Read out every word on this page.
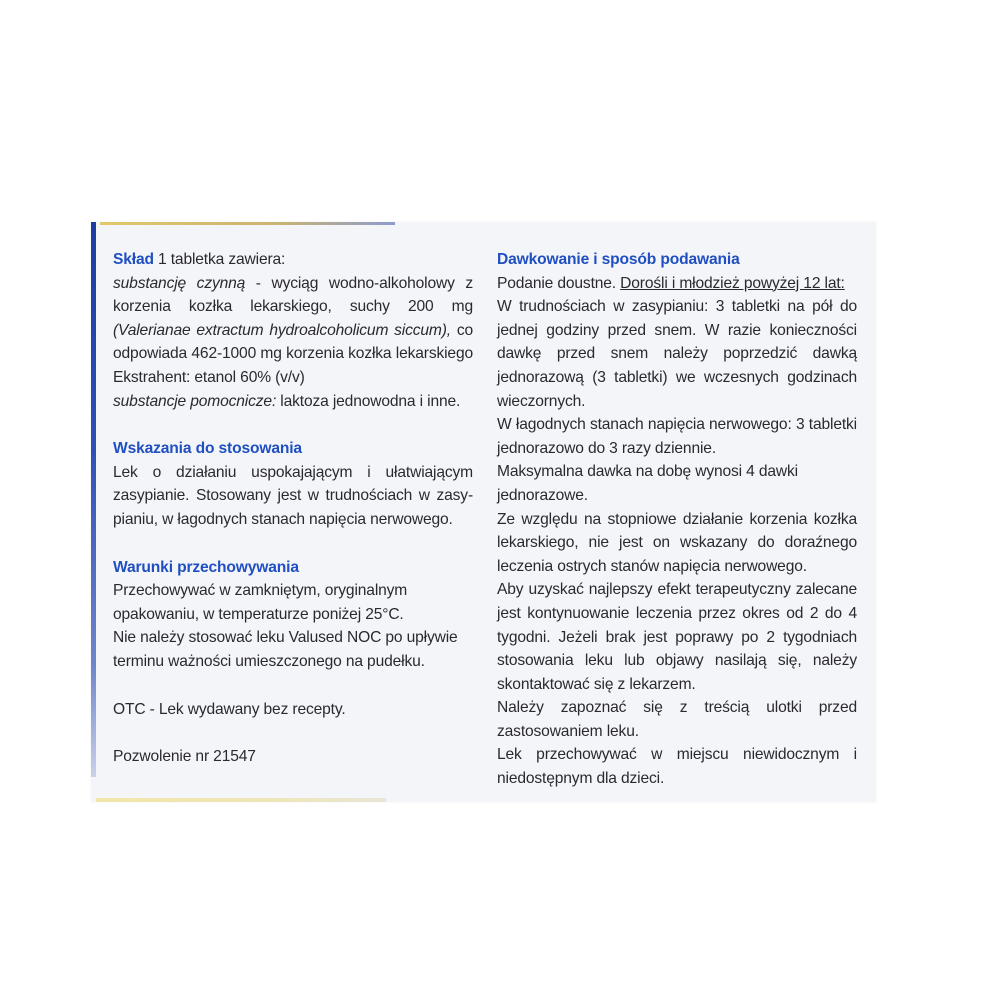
Skład 1 tabletka zawiera:

substancję czynną - wyciąg wodno-alkoholowy z korzenia kozłka lekarskiego, suchy 200 mg (Valerianae extractum hydroalcoholicum siccum), co odpowiada 462-1000 mg korzenia kozłka lekarskiego Ekstrahent: etanol 60% (v/v)

substancje pomocnicze: laktoza jednowodna i inne.

Wskazania do stosowania

Lek o działaniu uspokajającym i ułatwiającym zasypianie. Stosowany jest w trudnościach w zasy-pianiu, w łagodnych stanach napięcia nerwowego.

Warunki przechowywania

Przechowywać w zamkniętym, oryginalnym opakowaniu, w temperaturze poniżej 25°C.

Nie należy stosować leku Valused NOC po upływie terminu ważności umieszczonego na pudełku.

OTC - Lek wydawany bez recepty.

Pozwolenie nr 21547

Dawkowanie i sposób podawania

Podanie doustne. Dorośli i młodzież powyżej 12 lat:

W trudnościach w zasypianiu: 3 tabletki na pół do jednej godziny przed snem. W razie konieczności dawkę przed snem należy poprzedzić dawką jednorazową (3 tabletki) we wczesnych godzinach wieczornych.

W łagodnych stanach napięcia nerwowego: 3 tabletki jednorazowo do 3 razy dziennie.

Maksymalna dawka na dobę wynosi 4 dawki jednorazowe.

Ze względu na stopniowe działanie korzenia kozłka lekarskiego, nie jest on wskazany do doraźnego leczenia ostrych stanów napięcia nerwowego.

Aby uzyskać najlepszy efekt terapeutyczny zalecane jest kontynuowanie leczenia przez okres od 2 do 4 tygodni. Jeżeli brak jest poprawy po 2 tygodniach stosowania leku lub objawy nasilają się, należy skontaktować się z lekarzem.

Należy zapoznać się z treścią ulotki przed zastosowaniem leku.

Lek przechowywać w miejscu niewidocznym i niedostępnym dla dzieci.
